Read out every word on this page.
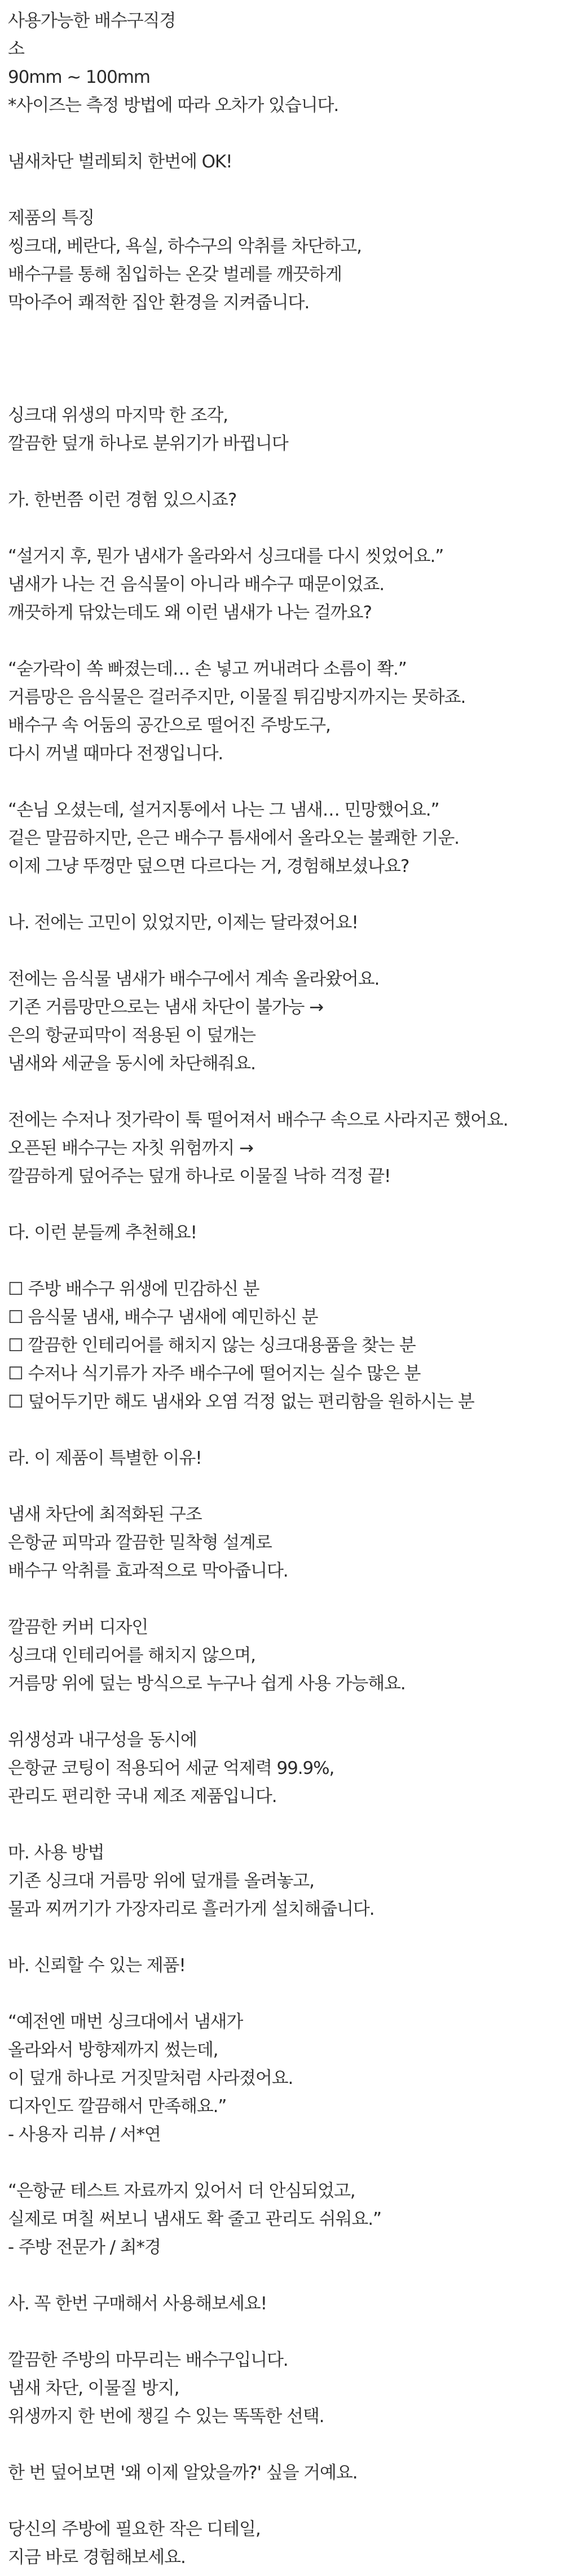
사용가능한 배수구직경
소
90mm ~ 100mm
*사이즈는 측정 방법에 따라 오차가 있습니다.
냄새차단 벌레퇴치 한번에 OK!
제품의 특징
씽크대, 베란다, 욕실, 하수구의 악취를 차단하고,
배수구를 통해 침입하는 온갖 벌레를 깨끗하게
막아주어 쾌적한 집안 환경을 지켜줍니다.
싱크대 위생의 마지막 한 조각,
깔끔한 덮개 하나로 분위기가 바뀝니다
가. 한번쯤 이런 경험 있으시죠?
“설거지 후, 뭔가 냄새가 올라와서 싱크대를 다시 씻었어요.”
냄새가 나는 건 음식물이 아니라 배수구 때문이었죠.
깨끗하게 닦았는데도 왜 이런 냄새가 나는 걸까요?
“숟가락이 쏙 빠졌는데… 손 넣고 꺼내려다 소름이 쫙.”
거름망은 음식물은 걸러주지만, 이물질 튀김방지까지는 못하죠.
배수구 속 어둠의 공간으로 떨어진 주방도구,
다시 꺼낼 때마다 전쟁입니다.
“손님 오셨는데, 설거지통에서 나는 그 냄새… 민망했어요.”
겉은 말끔하지만, 은근 배수구 틈새에서 올라오는 불쾌한 기운.
이제 그냥 뚜껑만 덮으면 다르다는 거, 경험해보셨나요?
나. 전에는 고민이 있었지만, 이제는 달라졌어요!
전에는 음식물 냄새가 배수구에서 계속 올라왔어요.
기존 거름망만으로는 냄새 차단이 불가능 →
은의 항균피막이 적용된 이 덮개는
냄새와 세균을 동시에 차단해줘요.
전에는 수저나 젓가락이 툭 떨어져서 배수구 속으로 사라지곤 했어요.
오픈된 배수구는 자칫 위험까지 →
깔끔하게 덮어주는 덮개 하나로 이물질 낙하 걱정 끝!
다. 이런 분들께 추천해요!
☐ 주방 배수구 위생에 민감하신 분
☐ 음식물 냄새, 배수구 냄새에 예민하신 분
☐ 깔끔한 인테리어를 해치지 않는 싱크대용품을 찾는 분
☐ 수저나 식기류가 자주 배수구에 떨어지는 실수 많은 분
☐ 덮어두기만 해도 냄새와 오염 걱정 없는 편리함을 원하시는 분
라. 이 제품이 특별한 이유!
냄새 차단에 최적화된 구조
은항균 피막과 깔끔한 밀착형 설계로
배수구 악취를 효과적으로 막아줍니다.
깔끔한 커버 디자인
싱크대 인테리어를 해치지 않으며,
거름망 위에 덮는 방식으로 누구나 쉽게 사용 가능해요.
위생성과 내구성을 동시에
은항균 코팅이 적용되어 세균 억제력 99.9%,
관리도 편리한 국내 제조 제품입니다.
마. 사용 방법
기존 싱크대 거름망 위에 덮개를 올려놓고,
물과 찌꺼기가 가장자리로 흘러가게 설치해줍니다.
바. 신뢰할 수 있는 제품!
“예전엔 매번 싱크대에서 냄새가
올라와서 방향제까지 썼는데,
이 덮개 하나로 거짓말처럼 사라졌어요.
디자인도 깔끔해서 만족해요.”
- 사용자 리뷰 / 서*연
“은항균 테스트 자료까지 있어서 더 안심되었고,
실제로 며칠 써보니 냄새도 확 줄고 관리도 쉬워요.”
- 주방 전문가 / 최*경
사. 꼭 한번 구매해서 사용해보세요!
깔끔한 주방의 마무리는 배수구입니다.
냄새 차단, 이물질 방지,
위생까지 한 번에 챙길 수 있는 똑똑한 선택.
한 번 덮어보면 '왜 이제 알았을까?' 싶을 거예요.
당신의 주방에 필요한 작은 디테일,
지금 바로 경험해보세요.
